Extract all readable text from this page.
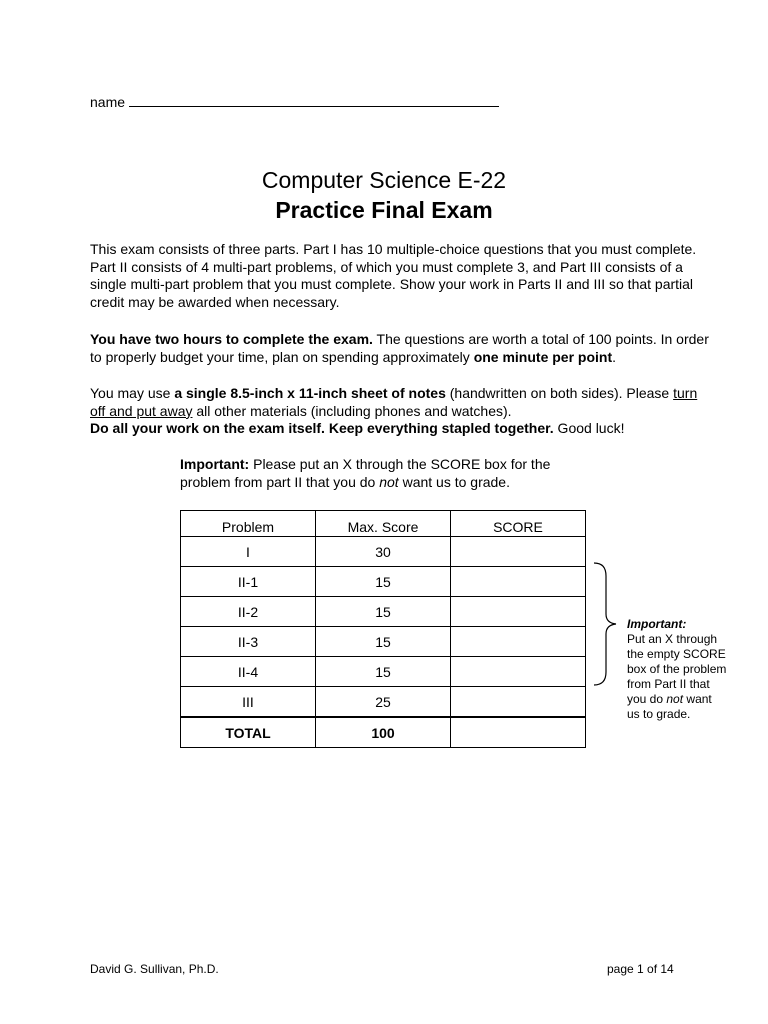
name
Computer Science E-22
Practice Final Exam
This exam consists of three parts. Part I has 10 multiple-choice questions that you must complete. Part II consists of 4 multi-part problems, of which you must complete 3, and Part III consists of a single multi-part problem that you must complete. Show your work in Parts II and III so that partial credit may be awarded when necessary.
You have two hours to complete the exam. The questions are worth a total of 100 points. In order to properly budget your time, plan on spending approximately one minute per point.
You may use a single 8.5-inch x 11-inch sheet of notes (handwritten on both sides). Please turn off and put away all other materials (including phones and watches).
Do all your work on the exam itself. Keep everything stapled together. Good luck!
Important: Please put an X through the SCORE box for the problem from part II that you do not want us to grade.
Problem	Max. Score	SCORE
I	30	
II-1	15	
II-2	15	
II-3	15	
II-4	15	
III	25	
TOTAL	100	
Important:
Put an X through the empty SCORE box of the problem from Part II that you do not want us to grade.
David G. Sullivan, Ph.D.	page 1 of 14
